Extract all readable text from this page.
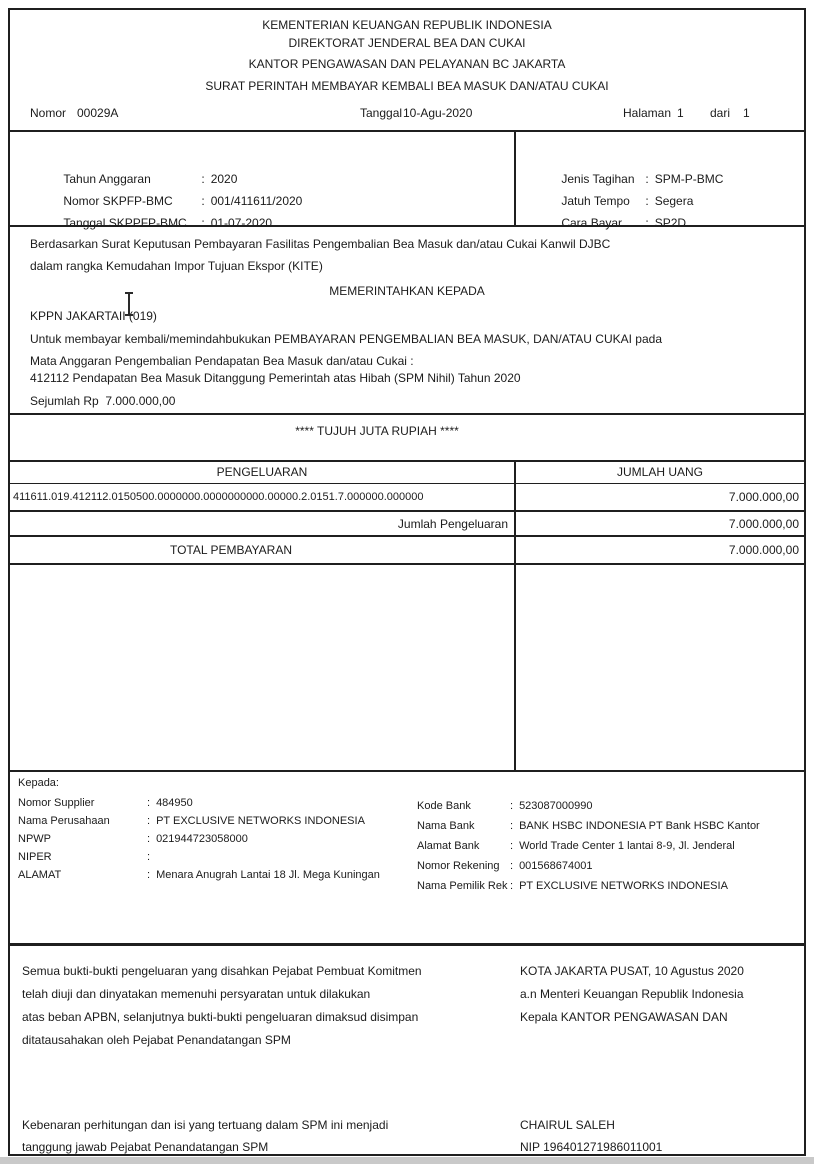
KEMENTERIAN KEUANGAN REPUBLIK INDONESIA
DIREKTORAT JENDERAL BEA DAN CUKAI
KANTOR PENGAWASAN DAN PELAYANAN BC JAKARTA
SURAT PERINTAH MEMBAYAR KEMBALI BEA MASUK DAN/ATAU CUKAI
Nomor 00029A	Tanggal 10-Agu-2020	Halaman 1 dari 1

Tahun Anggaran	: 2020

Nomor SKPFP-BMC : 001/411611/2020

Tanggal SKPPFP-BMC : 01-07-2020

Jenis Tagihan : SPM-P-BMC

Jatuh Tempo : Segera

Cara Bayar : SP2D

Berdasarkan Surat Keputusan Pembayaran Fasilitas Pengembalian Bea Masuk dan/atau Cukai Kanwil DJBC
dalam rangka Kemudahan Impor Tujuan Ekspor (KITE)
MEMERINTAHKAN KEPADA
KPPN JAKARTAII (019)
Untuk membayar kembali/memindahbukukan PEMBAYARAN PENGEMBALIAN BEA MASUK, DAN/ATAU CUKAI pada
Mata Anggaran Pengembalian Pendapatan Bea Masuk dan/atau Cukai :
412112 Pendapatan Bea Masuk Ditanggung Pemerintah atas Hibah (SPM Nihil) Tahun 2020
Sejumlah Rp  7.000.000,00
**** TUJUH JUTA RUPIAH ****
PENGELUARAN	JUMLAH UANG
411611.019.412112.0150500.0000000.0000000000.00000.2.0151.7.000000.000000	7.000.000,00
Jumlah Pengeluaran	7.000.000,00
TOTAL PEMBAYARAN	7.000.000,00
Kepada:
Nomor Supplier	: 484950
Nama Perusahaan	: PT EXCLUSIVE NETWORKS INDONESIA
NPWP	: 021944723058000
NIPER	:
ALAMAT	: Menara Anugrah Lantai 18 Jl. Mega Kuningan
Kode Bank	: 523087000990
Nama Bank	: BANK HSBC INDONESIA PT Bank HSBC Kantor
Alamat Bank	: World Trade Center 1 lantai 8-9, Jl. Jenderal
Nomor Rekening : 001568674001
Nama Pemilik Rek : PT EXCLUSIVE NETWORKS INDONESIA
Semua bukti-bukti pengeluaran yang disahkan Pejabat Pembuat Komitmen
telah diuji dan dinyatakan memenuhi persyaratan untuk dilakukan
atas beban APBN, selanjutnya bukti-bukti pengeluaran dimaksud disimpan
ditatausahakan oleh Pejabat Penandatangan SPM
KOTA JAKARTA PUSAT, 10 Agustus 2020
a.n Menteri Keuangan Republik Indonesia
Kepala KANTOR PENGAWASAN DAN
Kebenaran perhitungan dan isi yang tertuang dalam SPM ini menjadi
tanggung jawab Pejabat Penandatangan SPM
CHAIRUL SALEH
NIP 196401271986011001
